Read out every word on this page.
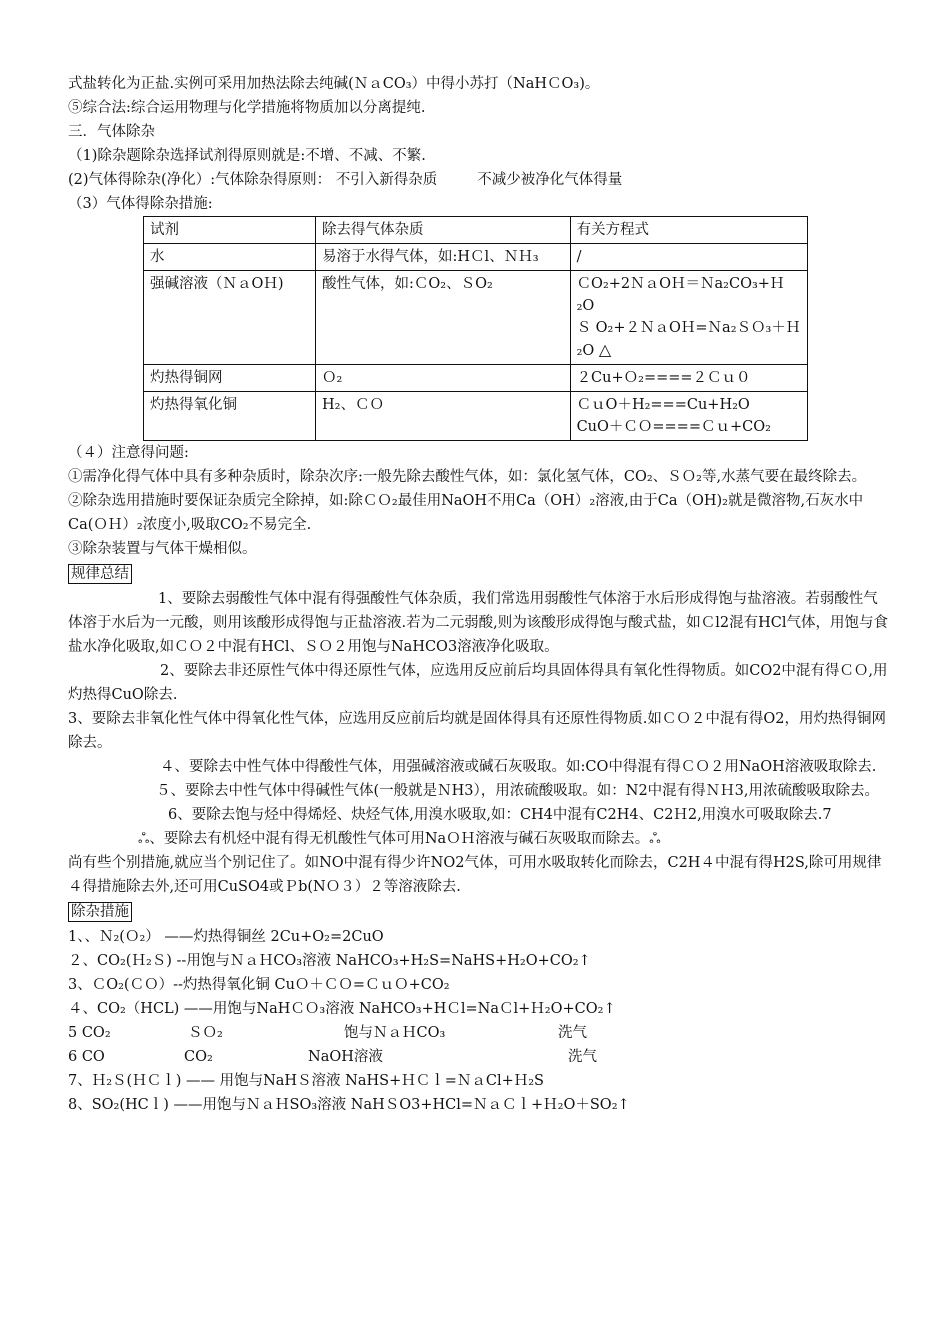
式盐转化为正盐.实例可采用加热法除去纯碱(ＮａCO₃）中得小苏打（NaHＣO₃)。
⑤综合法:综合运用物理与化学措施将物质加以分离提纯.
三．气体除杂
（1)除杂题除杂选择试剂得原则就是:不增、不减、不繁.
(2)气体得除杂(净化）:气体除杂得原则： 不引入新得杂质	不减少被净化气体得量
（3）气体得除杂措施:
试剂	除去得气体杂质	有关方程式
水	易溶于水得气体，如:HＣl、ＮＨ₃	/
强碱溶液（ＮａOＨ)	酸性气体，如:ＣO₂、ＳO₂	ＣO₂+2ＮａOＨ＝Ｎa₂CO₃+Ｈ₂O
Ｓ O₂+２ＮａOＨ=Ｎa₂ＳＯ₃＋Ｈ₂O △

灼热得铜网	Ｏ₂	２Cu+Ｏ₂====２Ｃｕ０
灼热得氧化铜	H₂、ＣＯ	ＣｕO＋H₂===Cu+H₂O
CuO＋ＣＯ====Ｃｕ+CO₂
（４）注意得问题:
①需净化得气体中具有多种杂质时，除杂次序:一般先除去酸性气体，如：氯化氢气体，CO₂、ＳＯ₂等,水蒸气要在最终除去。
②除杂选用措施时要保证杂质完全除掉，如:除ＣＯ₂最佳用NaOH不用Ca（OH）₂溶液,由于Ca（OH)₂就是微溶物,石灰水中Ca(ＯＨ）₂浓度小,吸取CO₂不易完全.
③除杂装置与气体干燥相似。
规律总结
1、要除去弱酸性气体中混有得强酸性气体杂质，我们常选用弱酸性气体溶于水后形成得饱与盐溶液。若弱酸性气体溶于水后为一元酸，则用该酸形成得饱与正盐溶液.若为二元弱酸,则为该酸形成得饱与酸式盐，如Ｃl2混有HCl气体，用饱与食盐水净化吸取,如ＣＯ２中混有HCl、ＳＯ２用饱与NaHCO3溶液净化吸取。
2、要除去非还原性气体中得还原性气体，应选用反应前后均具固体得具有氧化性得物质。如CO2中混有得ＣＯ,用灼热得CuO除去.
3、要除去非氧化性气体中得氧化性气体，应选用反应前后均就是固体得具有还原性得物质.如ＣＯ２中混有得O2，用灼热得铜网除去。
４、要除去中性气体中得酸性气体，用强碱溶液或碱石灰吸取。如:CO中得混有得ＣＯ２用NaOH溶液吸取除去.
５、要除去中性气体中得碱性气体(一般就是ＮH3），用浓硫酸吸取。如：N2中混有得ＮＨ3,用浓硫酸吸取除去。
6、要除去饱与烃中得烯烃、炔烃气体,用溴水吸取,如：CH4中混有C2H4、C2Ｈ2,用溴水可吸取除去.7ஃ、要除去有机烃中混有得无机酸性气体可用NaＯＨ溶液与碱石灰吸取而除去。ஃ
尚有些个别措施,就应当个别记住了。如NO中混有得少许NO2气体，可用水吸取转化而除去，C2H４中混有得H2S,除可用规律４得措施除去外,还可用CuSO4或Ｐb(NＯ３）２等溶液除去.
除杂措施
1、、Ｎ₂(Ｏ₂） ——灼热得铜丝 2Cu+O₂=2CuO
２、CO₂(Ｈ₂Ｓ) --用饱与ＮａＨCO₃溶液 NaHCO₃+H₂S=NaHS+H₂O+CO₂↑
3、ＣO₂(ＣＯ）--灼热得氧化铜 CuＯ＋ＣＯ=ＣｕＯ+CO₂
４、CO₂（HCL) ——用饱与NaHＣＯ₃溶液 NaHCO₃+HＣl=NaＣl+Ｈ₂O+CO₂↑
5 CO₂	ＳＯ₂	饱与ＮａＨCO₃	洗气
6 CO	CO₂	NaOH溶液	洗气
7、Ｈ₂Ｓ(ＨＣｌ) —— 用饱与NaHＳ溶液 NaHS+ＨＣｌ=ＮａCl+Ｈ₂S
8、SO₂(HCｌ) ——用饱与ＮａＨSO₃溶液 NaHＳO3+HCl=ＮａＣｌ+Ｈ₂O＋SO₂↑
